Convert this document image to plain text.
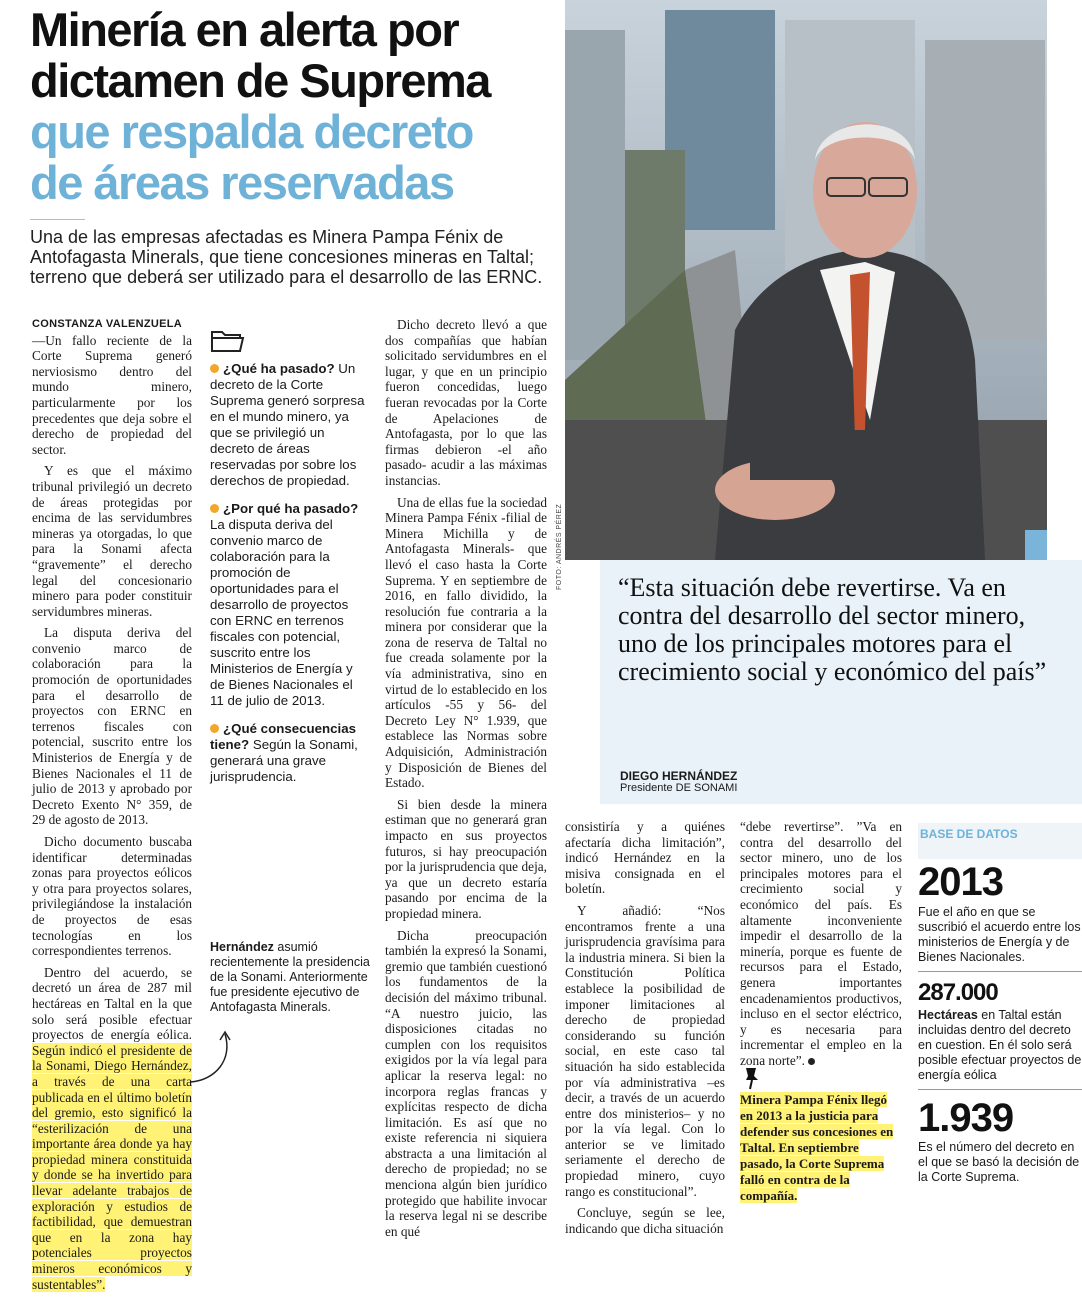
Minería en alerta por
dictamen de Suprema
que respalda decreto
de áreas reservadas
Una de las empresas afectadas es Minera Pampa Fénix de Antofagasta Minerals, que tiene concesiones mineras en Taltal; terreno que deberá ser utilizado para el desarrollo de las ERNC.
CONSTANZA VALENZUELA

—Un fallo reciente de la Corte Suprema generó nerviosismo dentro del mundo minero, particularmente por los precedentes que deja sobre el derecho de propiedad del sector.

Y es que el máximo tribunal privilegió un decreto de áreas protegidas por encima de las servidumbres mineras ya otorgadas, lo que para la Sonami afecta “gravemente” el derecho legal del concesionario minero para poder constituir servidumbres mineras.

La disputa deriva del convenio marco de colaboración para la promoción de oportunidades para el desarrollo de proyectos con ERNC en terrenos fiscales con potencial, suscrito entre los Ministerios de Energía y de Bienes Nacionales el 11 de julio de 2013 y aprobado por Decreto Exento N° 359, de 29 de agosto de 2013.

Dicho documento buscaba identificar determinadas zonas para proyectos eólicos y otra para proyectos solares, privilegiándose la instalación de proyectos de esas tecnologías en los correspondientes terrenos.

Dentro del acuerdo, se decretó un área de 287 mil hectáreas en Taltal en la que solo será posible efectuar proyectos de energía eólica. Según indicó el presidente de la Sonami, Diego Hernández, a través de una carta publicada en el último boletín del gremio, esto significó la “esterilización de una importante área donde ya hay propiedad minera constituida y donde se ha invertido para llevar adelante trabajos de exploración y estudios de factibilidad, que demuestran que en la zona hay potenciales proyectos mineros económicos y sustentables”.

¿Qué ha pasado? Un decreto de la Corte Suprema generó sorpresa en el mundo minero, ya que se privilegió un decreto de áreas reservadas por sobre los derechos de propiedad.

¿Por qué ha pasado? La disputa deriva del convenio marco de colaboración para la promoción de oportunidades para el desarrollo de proyectos con ERNC en terrenos fiscales con potencial, suscrito entre los Ministerios de Energía y de Bienes Nacionales el 11 de julio de 2013.

¿Qué consecuencias tiene? Según la Sonami, generará una grave jurisprudencia.

Hernández asumió recientemente la presidencia de la Sonami. Anteriormente fue presidente ejecutivo de Antofagasta Minerals.

Dicho decreto llevó a que dos compañías que habían solicitado servidumbres en el lugar, y que en un principio fueron concedidas, luego fueran revocadas por la Corte de Apelaciones de Antofagasta, por lo que las firmas debieron -el año pasado- acudir a las máximas instancias.

Una de ellas fue la sociedad Minera Pampa Fénix -filial de Minera Michilla y de Antofagasta Minerals- que llevó el caso hasta la Corte Suprema. Y en septiembre de 2016, en fallo dividido, la resolución fue contraria a la minera por considerar que la zona de reserva de Taltal no fue creada solamente por la vía administrativa, sino en virtud de lo establecido en los artículos -55 y 56- del Decreto Ley N° 1.939, que establece las Normas sobre Adquisición, Administración y Disposición de Bienes del Estado.

Si bien desde la minera estiman que no generará gran impacto en sus proyectos futuros, si hay preocupación por la jurisprudencia que deja, ya que un decreto estaría pasando por encima de la propiedad minera.

Dicha preocupación también la expresó la Sonami, gremio que también cuestionó los fundamentos de la decisión del máximo tribunal. “A nuestro juicio, las disposiciones citadas no cumplen con los requisitos exigidos por la vía legal para aplicar la reserva legal: no incorpora reglas francas y explícitas respecto de dicha limitación. Es así que no existe referencia ni siquiera abstracta a una limitación al derecho de propiedad; no se menciona algún bien jurídico protegido que habilite invocar la reserva legal ni se describe en qué

FOTO: ANDRÉS PÉREZ “Esta situación debe revertirse. Va en contra del desarrollo del sector minero, uno de los principales motores para el crecimiento social y económico del país”
DIEGO HERNÁNDEZ
Presidente DE SONAMI

consistiría y a quiénes afectaría dicha limitación”, indicó Hernández en la misiva consignada en el boletín.

Y añadió: “Nos encontramos frente a una jurisprudencia gravísima para la industria minera. Si bien la Constitución Política establece la posibilidad de imponer limitaciones al derecho de propiedad considerando su función social, en este caso tal situación ha sido establecida por vía administrativa –es decir, a través de un acuerdo entre dos ministerios– y no por la vía legal. Con lo anterior se ve limitado seriamente el derecho de propiedad minero, cuyo rango es constitucional”.

Concluye, según se lee, indicando que dicha situación

“debe revertirse”. ”Va en contra del desarrollo del sector minero, uno de los principales motores para el crecimiento social y económico del país. Es altamente inconveniente impedir el desarrollo de la minería, porque es fuente de recursos para el Estado, genera importantes encadenamientos productivos, incluso en el sector eléctrico, y es necesaria para incrementar el empleo en la zona norte”.

Minera Pampa Fénix llegó en 2013 a la justicia para defender sus concesiones en Taltal. En septiembre pasado, la Corte Suprema falló en contra de la compañía.
BASE DE DATOS
2013
Fue el año en que se suscribió el acuerdo entre los ministerios de Energía y de Bienes Nacionales.
287.000
Hectáreas en Taltal están incluidas dentro del decreto en cuestion. En él solo será posible efectuar proyectos de energía eólica
1.939
Es el número del decreto en el que se basó la decisión de la Corte Suprema.
